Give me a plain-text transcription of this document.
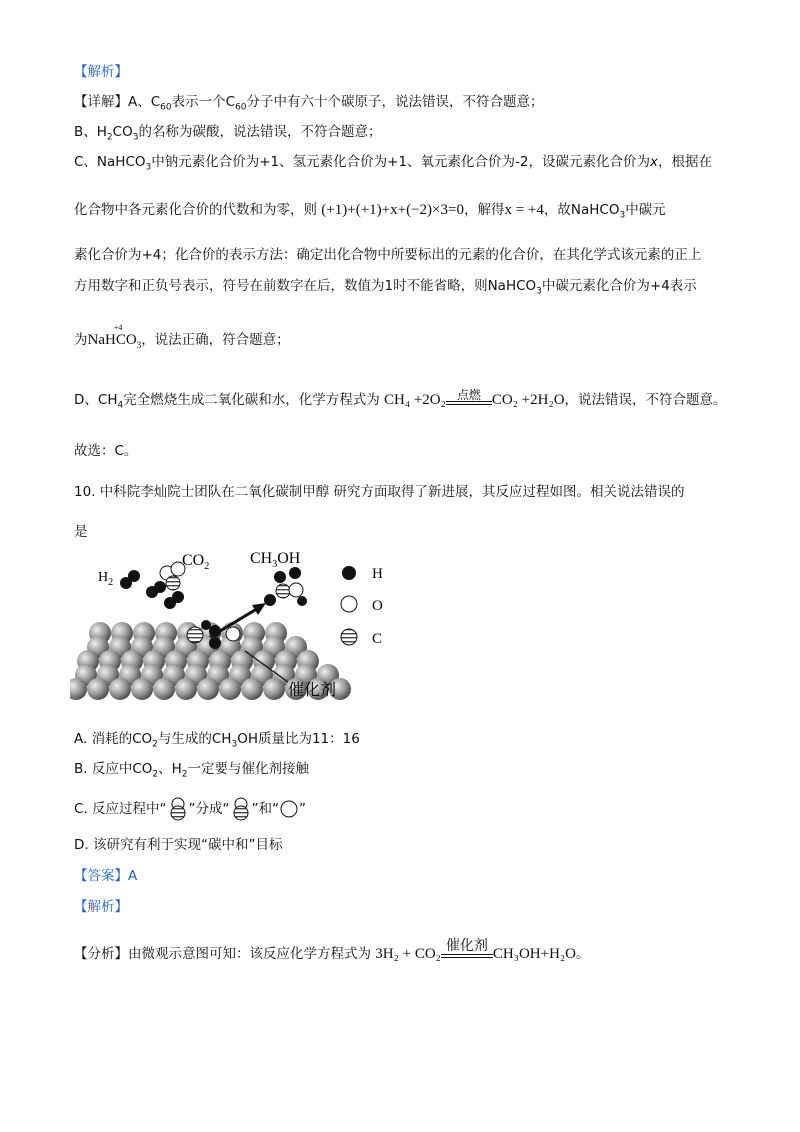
【解析】
【详解】A、$C_{60}$表示一个$C_{60}$分子中有六十个碳原子，说法错误，不符合题意；
B、$H_2CO_3$的名称为碳酸，说法错误，不符合题意；
C、NaHCO$_3$中钠元素化合价为+1、氢元素化合价为+1、氧元素化合价为-2，设碳元素化合价为x，根据在
化合物中各元素化合价的代数和为零，则 (+1)+(+1)+x+(−2)×3=0，解得x = +4，故NaHCO$_3$中碳元
素化合价为+4；化合价的表示方法：确定出化合物中所要标出的元素的化合价，在其化学式该元素的正上
方用数字和正负号表示，符号在前数字在后，数值为1时不能省略，则NaHCO$_3$中碳元素化合价为+4表示
为NaH
+4
$CO_3$，说法正确，符合题意；
D、$CH_4$完全燃烧生成二氧化碳和水，化学方程式为 CH₄ +2O₂ 点燃 CO₂ +2H₂O，说法错误，不符合题意。
故选：C。
10. 中科院李灿院士团队在二氧化碳制甲醇 研究方面取得了新进展，其反应过程如图。相关说法错误的
是
$H_2$
$CO_2$	$CH_3OH$
H
O
C
催化剂
A. 消耗的$CO_2$与生成的$CH_3OH$质量比为11：16
B. 反应中$CO_2$、$H_2$一定要与催化剂接触
C. 反应过程中“ ”分成“ ”和“ ”
D. 该研究有利于实现“碳中和”目标
【答案】A
【解析】
【分析】由微观示意图可知：该反应化学方程式为 3H₂ + CO₂ 催化剂 CH₃OH+H₂O。
